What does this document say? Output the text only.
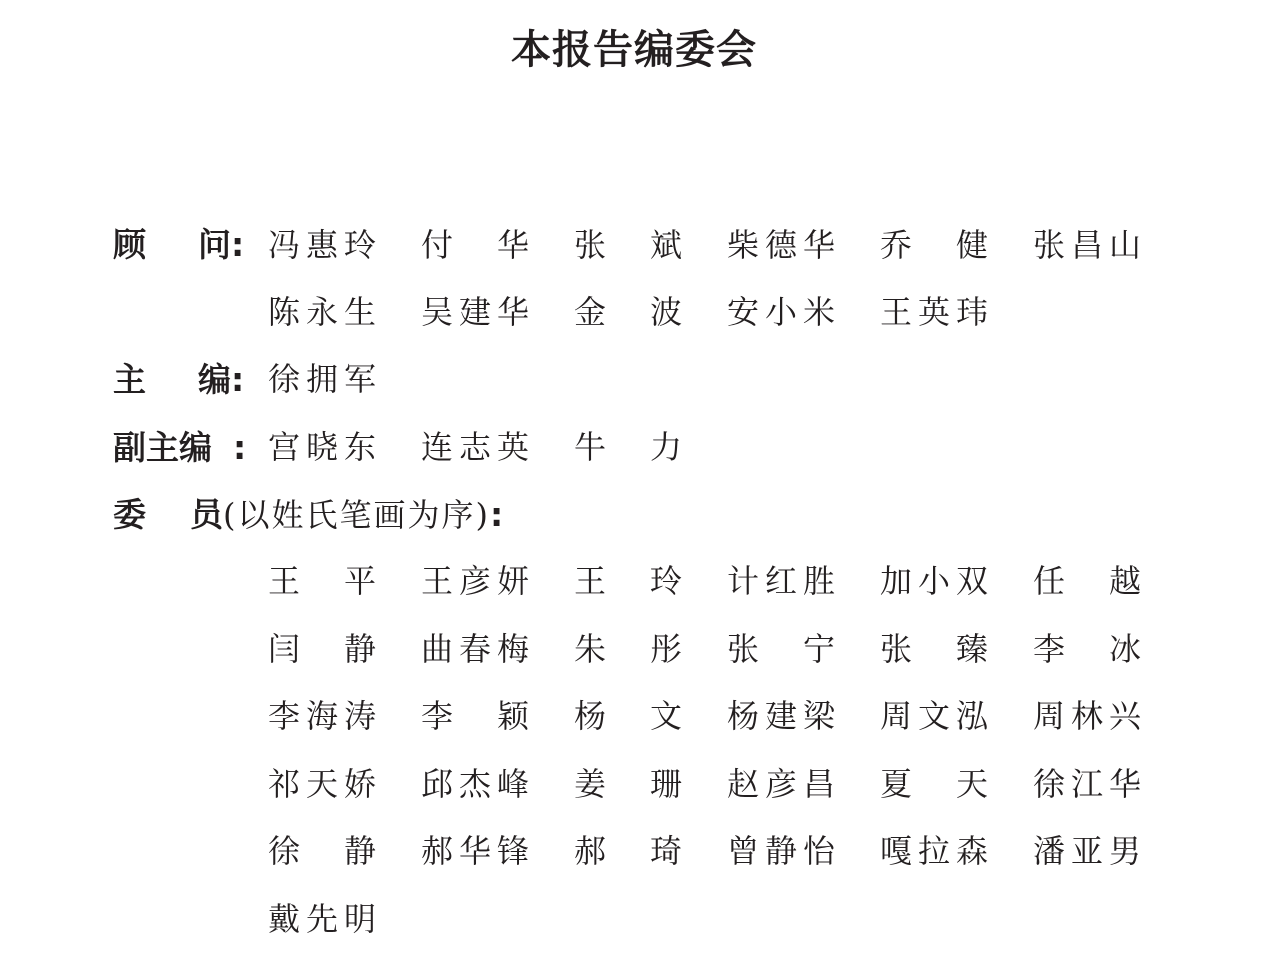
本报告编委会
顾 问 : 冯 惠 玲 付 华 张 斌 柴 德 华 乔 健 张 昌 山
陈 永 生 吴 建 华 金 波 安 小 米 王 英 玮
主 编 : 徐 拥 军
副主编 : 宫 晓 东 连 志 英 牛 力
委 员 (以姓氏笔画为序) :
王 平 王 彦 妍 王 玲 计 红 胜 加 小 双 任 越
闫 静 曲 春 梅 朱 彤 张 宁 张 臻 李 冰
李 海 涛 李 颖 杨 文 杨 建 梁 周 文 泓 周 林 兴
祁 天 娇 邱 杰 峰 姜 珊 赵 彦 昌 夏 天 徐 江 华
徐 静 郝 华 锋 郝 琦 曾 静 怡 嘎 拉 森 潘 亚 男
戴 先 明
